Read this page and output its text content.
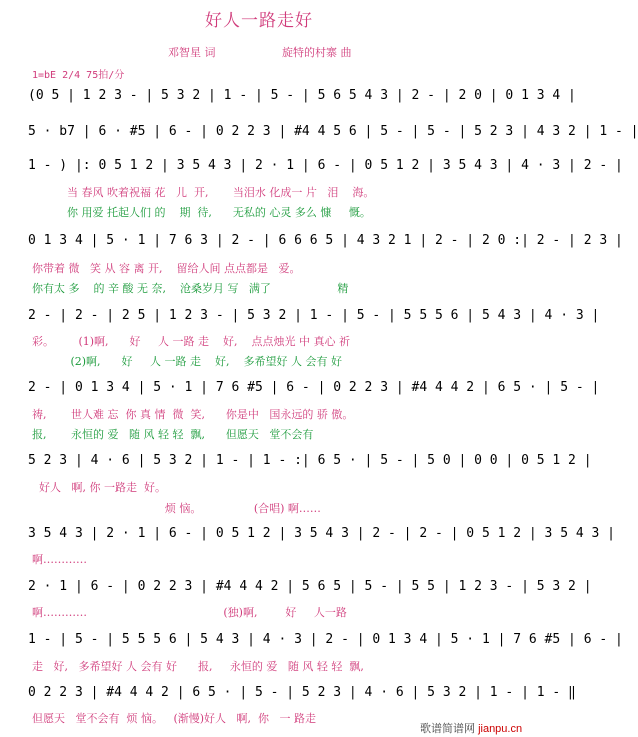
好人一路走好
邓智星 词	旋特的村寨 曲
1=bE 2/4 75拍/分
(0 5 | 1 2 3 - | 5 3 2 | 1 - | 5 - | 5 6 5 4 3 | 2 - | 2 0 | 0 1 3 4 |
5 · b7 | 6 · #5 | 6 - | 0 2 2 3 | #4 4 5 6 | 5 - | 5 - | 5 2 3 | 4 3 2 | 1 - |
1 - ) |: 0 5 1 2 | 3 5 4 3 | 2 · 1 | 6 - | 0 5 1 2 | 3 5 4 3 | 4 · 3 | 2 - |
当 春风 吹着祝福 花   儿  开,       当泪水 化成一 片   泪    海。
你 用爱 托起人们 的    期  待,      无私的 心灵 多么 慷     慨。
0 1 3 4 | 5 · 1 | 7 6 3 | 2 - | 6 6 6 5 | 4 3 2 1 | 2 - | 2 0 :| 2 - | 2 3 |
你带着 微   笑 从 容 离 开,    留给人间 点点都是   爱。
你有太 多    的 辛 酸 无 奈,    沧桑岁月 写   满了                   精
2 - | 2 - | 2 5 | 1 2 3 - | 5 3 2 | 1 - | 5 - | 5 5 5 6 | 5 4 3 | 4 · 3 |
彩。       (1)啊,      好     人 一路 走    好,    点点烛光 中 真心 祈
(2)啊,      好     人 一路 走    好,    多希望好 人 会有 好
2 - | 0 1 3 4 | 5 · 1 | 7 6 #5 | 6 - | 0 2 2 3 | #4 4 4 2 | 6 5 · | 5 - |
祷,       世人难 忘  你 真 情  微  笑,      你是中   国永远的 骄 傲。
报,       永恒的 爱   随 风 轻 轻  飘,      但愿天   堂不会有
5 2 3 | 4 · 6 | 5 3 2 | 1 - | 1 - :| 6 5 · | 5 - | 5 0 | 0 0 | 0 5 1 2 |
好人   啊, 你 一路走  好。
烦 恼。               (合唱) 啊……
3 5 4 3 | 2 · 1 | 6 - | 0 5 1 2 | 3 5 4 3 | 2 - | 2 - | 0 5 1 2 | 3 5 4 3 |
啊…………
2 · 1 | 6 - | 0 2 2 3 | #4 4 4 2 | 5 6 5 | 5 - | 5 5 | 1 2 3 - | 5 3 2 |
啊…………                                       (独)啊,        好     人一路
1 - | 5 - | 5 5 5 6 | 5 4 3 | 4 · 3 | 2 - | 0 1 3 4 | 5 · 1 | 7 6 #5 | 6 - |
走   好,   多希望好 人 会有 好      报,     永恒的 爱   随 风 轻 轻  飘,
0 2 2 3 | #4 4 4 2 | 6 5 · | 5 - | 5 2 3 | 4 · 6 | 5 3 2 | 1 - | 1 - ‖
但愿天   堂不会有  烦 恼。   (渐慢)好人   啊,  你   一 路走
歌谱简谱网 jianpu.cn
